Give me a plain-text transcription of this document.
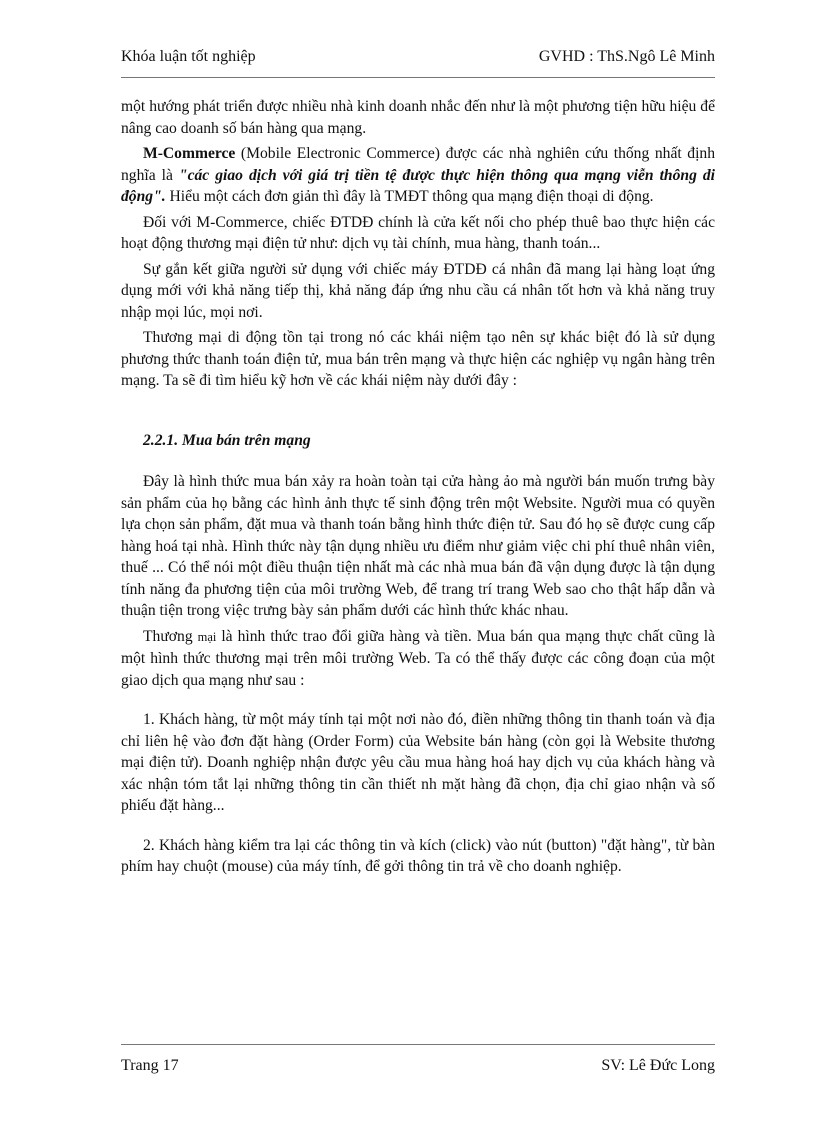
Khóa luận tốt nghiệp	GVHD : ThS.Ngô Lê Minh

một hướng phát triển được nhiều nhà kinh doanh nhắc đến như là một phương tiện hữu hiệu để nâng cao doanh số bán hàng qua mạng.

M-Commerce (Mobile Electronic Commerce) được các nhà nghiên cứu thống nhất định nghĩa là "các giao dịch với giá trị tiền tệ được thực hiện thông qua mạng viễn thông di động". Hiểu một cách đơn giản thì đây là TMĐT thông qua mạng điện thoại di động.

Đối với M-Commerce, chiếc ĐTDĐ chính là cửa kết nối cho phép thuê bao thực hiện các hoạt động thương mại điện tử như: dịch vụ tài chính, mua hàng, thanh toán...

Sự gắn kết giữa người sử dụng với chiếc máy ĐTDĐ cá nhân đã mang lại hàng loạt ứng dụng mới với khả năng tiếp thị, khả năng đáp ứng nhu cầu cá nhân tốt hơn và khả năng truy nhập mọi lúc, mọi nơi.

Thương mại di động tồn tại trong nó các khái niệm tạo nên sự khác biệt đó là sử dụng phương thức thanh toán điện tử, mua bán trên mạng và thực hiện các nghiệp vụ ngân hàng trên mạng. Ta sẽ đi tìm hiểu kỹ hơn về các khái niệm này dưới đây :

2.2.1. Mua bán trên mạng

Đây là hình thức mua bán xảy ra hoàn toàn tại cửa hàng ảo mà người bán muốn trưng bày sản phẩm của họ bằng các hình ảnh thực tế sinh động trên một Website. Người mua có quyền lựa chọn sản phẩm, đặt mua và thanh toán bằng hình thức điện tử. Sau đó họ sẽ được cung cấp hàng hoá tại nhà. Hình thức này tận dụng nhiều ưu điểm như giảm việc chi phí thuê nhân viên, thuế ... Có thể nói một điều thuận tiện nhất mà các nhà mua bán đã vận dụng được là tận dụng tính năng đa phương tiện của môi trường Web, để trang trí trang Web sao cho thật hấp dẫn và thuận tiện trong việc trưng bày sản phẩm dưới các hình thức khác nhau.

Thương mại là hình thức trao đổi giữa hàng và tiền. Mua bán qua mạng thực chất cũng là một hình thức thương mại trên môi trường Web. Ta có thể thấy được các công đoạn của một giao dịch qua mạng như sau :

1. Khách hàng, từ một máy tính tại một nơi nào đó, điền những thông tin thanh toán và địa chỉ liên hệ vào đơn đặt hàng (Order Form) của Website bán hàng (còn gọi là Website thương mại điện tử). Doanh nghiệp nhận được yêu cầu mua hàng hoá hay dịch vụ của khách hàng và xác nhận tóm tắt lại những thông tin cần thiết nh mặt hàng đã chọn, địa chỉ giao nhận và số phiếu đặt hàng...

2. Khách hàng kiểm tra lại các thông tin và kích (click) vào nút (button) "đặt hàng", từ bàn phím hay chuột (mouse) của máy tính, để gởi thông tin trả về cho doanh nghiệp.

Trang 17	SV: Lê Đức Long
